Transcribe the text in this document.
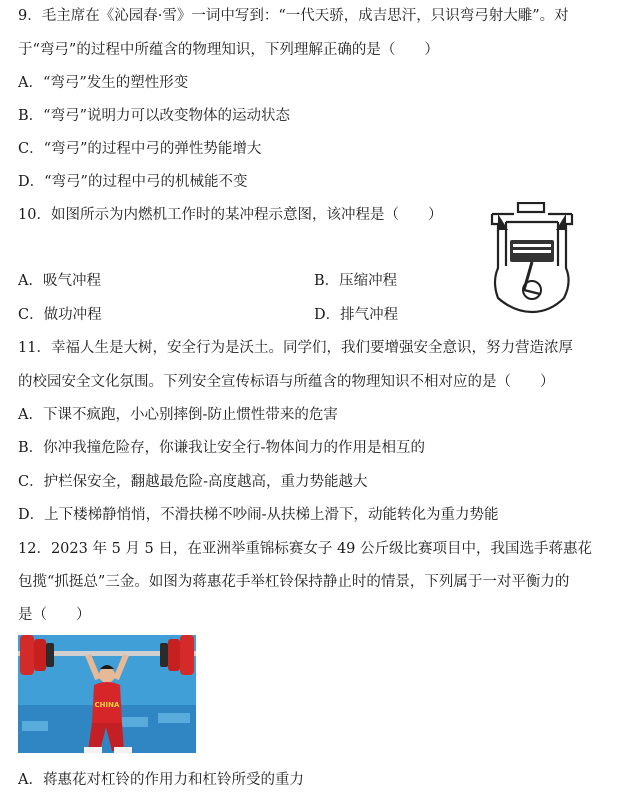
9．毛主席在《沁园春·雪》一词中写到：“一代天骄，成吉思汗，只识弯弓射大雕”。对
于“弯弓”的过程中所蕴含的物理知识，下列理解正确的是（　　）
A．“弯弓”发生的塑性形变
B．“弯弓”说明力可以改变物体的运动状态
C．“弯弓”的过程中弓的弹性势能增大
D．“弯弓”的过程中弓的机械能不变
10．如图所示为内燃机工作时的某冲程示意图，该冲程是（　　）
A．吸气冲程	B．压缩冲程
C．做功冲程	D．排气冲程
11．幸福人生是大树，安全行为是沃土。同学们，我们要增强安全意识，努力营造浓厚
的校园安全文化氛围。下列安全宣传标语与所蕴含的物理知识不相对应的是（　　）
A．下课不疯跑，小心别摔倒-防止惯性带来的危害
B．你冲我撞危险存，你谦我让安全行-物体间力的作用是相互的
C．护栏保安全，翻越最危险-高度越高，重力势能越大
D．上下楼梯静悄悄，不滑扶梯不吵闹-从扶梯上滑下，动能转化为重力势能
12．2023 年 5 月 5 日，在亚洲举重锦标赛女子 49 公斤级比赛项目中，我国选手蒋惠花
包揽“抓挺总”三金。如图为蒋惠花手举杠铃保持静止时的情景，下列属于一对平衡力的
是（　　）
CHINA
A．蒋惠花对杠铃的作用力和杠铃所受的重力
